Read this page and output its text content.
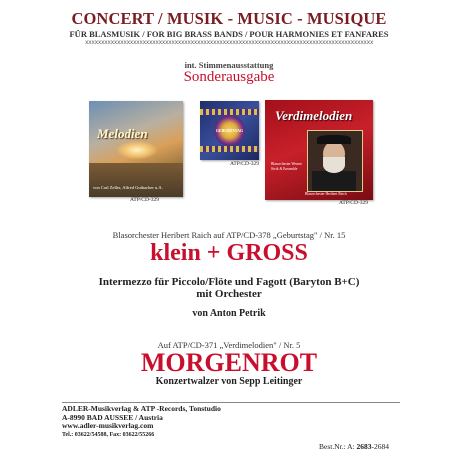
CONCERT / MUSIK - MUSIC - MUSIQUE
FÜR BLASMUSIK / FOR BIG BRASS BANDS / POUR HARMONIES ET FANFARES
xxxxxxxxxxxxxxxxxxxxxxxxxxxxxxxxxxxxxxxxxxxxxxxxxxxxxxxxxxxxxxxxxxxxxxxxxxxxxxxxxxxxxxxxxx
int. Stimmenausstattung
Sonderausgabe
Melodien
von Carl Zeller, Alfred Gutbacher u.A.
ATP/CD-329
GEBURTSTAG
ATP/CD-329
Verdimelodien
Blasorchester Werner Sivik & Ensemble
Blasorchester Heribert Reich
ATP/CD-329
Blasorchester Heribert Raich auf ATP/CD-378 „Geburtstag" / Nr. 15
klein + GROSS
Intermezzo für Piccolo/Flöte und Fagott (Baryton B+C)
mit Orchester
von Anton Petrik
Auf ATP/CD-371 „Verdimelodien" / Nr. 5
MORGENROT
Konzertwalzer von Sepp Leitinger
ADLER-Musikverlag & ATP -Records, Tonstudio
A-8990 BAD AUSSEE / Austria
www.adler-musikverlag.com
Tel.: 03622/54588, Fax: 03622/55266
Best.Nr.: A: 2683-2684
